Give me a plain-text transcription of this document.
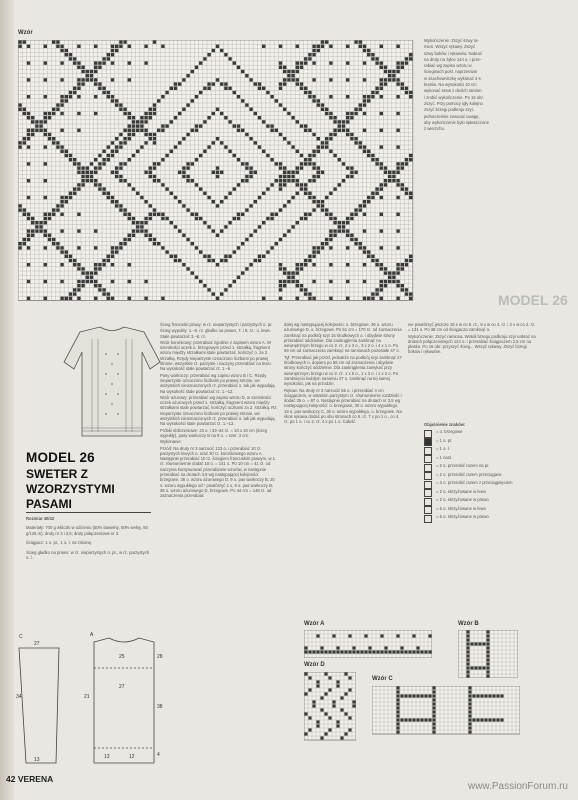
Wzór

Wykończenie: Zszyć szwy ra-

mion. Wszyć rękawy. Zszyć

szwy boków i rękawów. Nabrać

na druty na żyłce 144 o. i prze-

rabiać wg zapisu wzoru w

ścieginach pośr. naprzemian

w szachowniczkę wykonać 3 s-

krętów. Na wysokości 10 cm

wykonać szew z dwóch ramion

i zrobić wykończenie. Po 15 obr.

zszyć. Przy pomocy igły kolejno

zszyć brzegi podkroju szyi,

jednocześnie zwracać uwagę,

aby wykończenie było spłaszczone

z wierzchu.

MODEL 26
MODEL 26
SWETER Z
WZORZYSTYMI
PASAMI
Rozmiar 40/42

Materiały: 700 g włóczki w odcieniu (50% bawełny, 50% wełny, 50 g/125 m); druty nr 3 i 3,5; druty połączeniowe nr 3.

Ściągacz: 1 o. pr., 1 o. l. na zmianę.

Ścieg gładko na prawo: w rz. nieparzystych o. pr., w rz. parzystych o. l.

C	A
27
25
34
27
38
13
28
13
21
4
12

Ścieg francuski prawy: w rz. nieparzystych i parzystych o. pr.

Ścieg wypukły: 1.–6. rz. gładko na prawo, 7. i 8. rz.: o. lewe. Stale powtarzać 3.–8. rz.

Wzór koronkowy: przerabiać zgodnie z zapisem wzoru A. W szerokości oczek o. brzegowym przed 1. strzałką, fragment wzoru między strzałkami stale powtarzać, kończyć o. za 2. strzałką. Rzędy nieparzyste oznaczono liczbami po prawej stronie, wszystkie rz. parzyste i naczyny przerabiać na lewo. Na wysokość stale powtarzać rz. 1.–6.

Pasy warkoczy: przerabiać wg zapisu wzoru B i C. Rzędy nieparzyste oznaczono liczbami po prawej stronie, we wszystkich nieoznaczonych rz. przerabiać o. tak jak wypadają. Na wysokość stale powtarzać rz. 1.–12.

Wzór ażurowy: przerabiać wg zapisu wzoru D, w szerokości oczek ażurowych przed 1. strzałką, fragment wzoru między strzałkami stale powtarzać, kończyć oczkami za 2. strzałką. Rz. nieparzyste oznaczono liczbami po prawej stronie, we wszystkich nieoznaczonych rz. przerabiać o. tak jak wypadają. Na wysokości stale powtarzać rz. 1.–12.

Próbki obliczeniowe: 23 o. i 33–34 rz. = 10 x 10 cm (ścieg wypukły), pasy warkoczy B na 9 o. = szer. 3 cm.

Wykonanie:

Przód: Na druty nr 3 narzucić 123 o. i przerabiać 10 rz. parzystych lewych o. oraz 30 rz. koronkowego wzoru A. Następnie przerabiać 10 rz. ściegiem francuskim prawym, w 1. rz. równomiernie dodać 18 o. = 141 o. Po 10 cm = 41 rz. od naczynia kontynuować przerabianie wzorów, w następnie przerabiać na drutach 3,5 wg następującej kolejności: brzegowe, 36 o. wzoru ażurowego D, 9 o. pas warkoczy B, 20 o. wzoru wypukłego od * powtórzyć 1 x, 9 o. pas warkoczy B, 36 o. wzoru ażurowego D, brzegowe. Po 44 cm = 148 rz. od zaznaczenia przerabiać

dalej wg następującej kolejności: o. brzegowe, 36 o. wzoru ażurowego D, o. brzegowe. Po 51 cm = 170 rz. od zaznaczenia zamknąć na podkrój szyi 15 środkowych o. i obydwie strony przerabiać oddzielnie. Dla zaokrąglenia zamknąć na wewnętrznym brzegu w co 2. rz. 2 x 3 o., 3 x 2 o. i 4 x 1 o. Po 59 cm od zaznaczenia zamknąć na ramionach pozostałe 47 o.

Tył: Przerabiać jak przód, jednakże na podkrój szyi zamknąć 27 środkowych o. dopiero po 58 cm od zaznaczenia i obydwie strony kończyć oddzielnie. Dla zaokrąglenia zamykać przy wewnętrznym brzegu w co 2. rz. 1 x 5 o., 1 x 3 o. i 1 x 2 o. Po zamknięciu każdym ramieniu 47 o. zamknąć na tej samej wysokości, jak na przodzie.

Rękaw: Na druty nr 3 narzucić 56 o. i przerabiać 4 cm ściągaczem, w ostatnim parzystym rz. równomiernie rozdzielić i dodać 26 o. = 87 o. Następnie przerabiać na drutach nr 3,5 wg następującej kolejności: o. brzegowe, 30 o. wzoru wypukłego, 19 o. pas warkoczy C, 30 o. wzoru wypukłego, o. brzegowe. Na skos rękawa dodać po obu stronach co 6. rz. 7 x po 1 o., co 4. rz. po 1 o. i co 2. rz. 4 x po 1 o. Całość

nie powtórzyć jeszcze 16 x w co 6. rz., 8 x w co 4. rz. i 3 x w co 2. rz. = 131 o. Po 38 cm od ściągacza zamknąć o.

Wykończenie: Zszyć ramiona. Wokół brzegu podkroju szyi nabrać na drutach połączeniowych 124 o. i przerabiać ściągaczem 2,5 cm na płasko. Po 15 obr. przyszyć ścieg... Wszyć rękawy. Zszyć brzegi boków i rękawów.

Objaśnienie znaków:
= o. brzegowe
= 1 o. pr.
= 1 o. l.
= 1 narz.
= 2 o. przerobić razem na pr.
= 2 o. przerobić razem przeciągane
= 3 o. przerobić razem z przeciągnięciem
= 2 o. skrzyżowane w lewo
= 2 o. skrzyżowane w prawo
= 6 o. skrzyżowane w lewo
= 6 o. skrzyżowane w prawo
Wzór A	Wzór B
Wzór D
Wzór C
42 VERENA
www.PassionForum.ru
